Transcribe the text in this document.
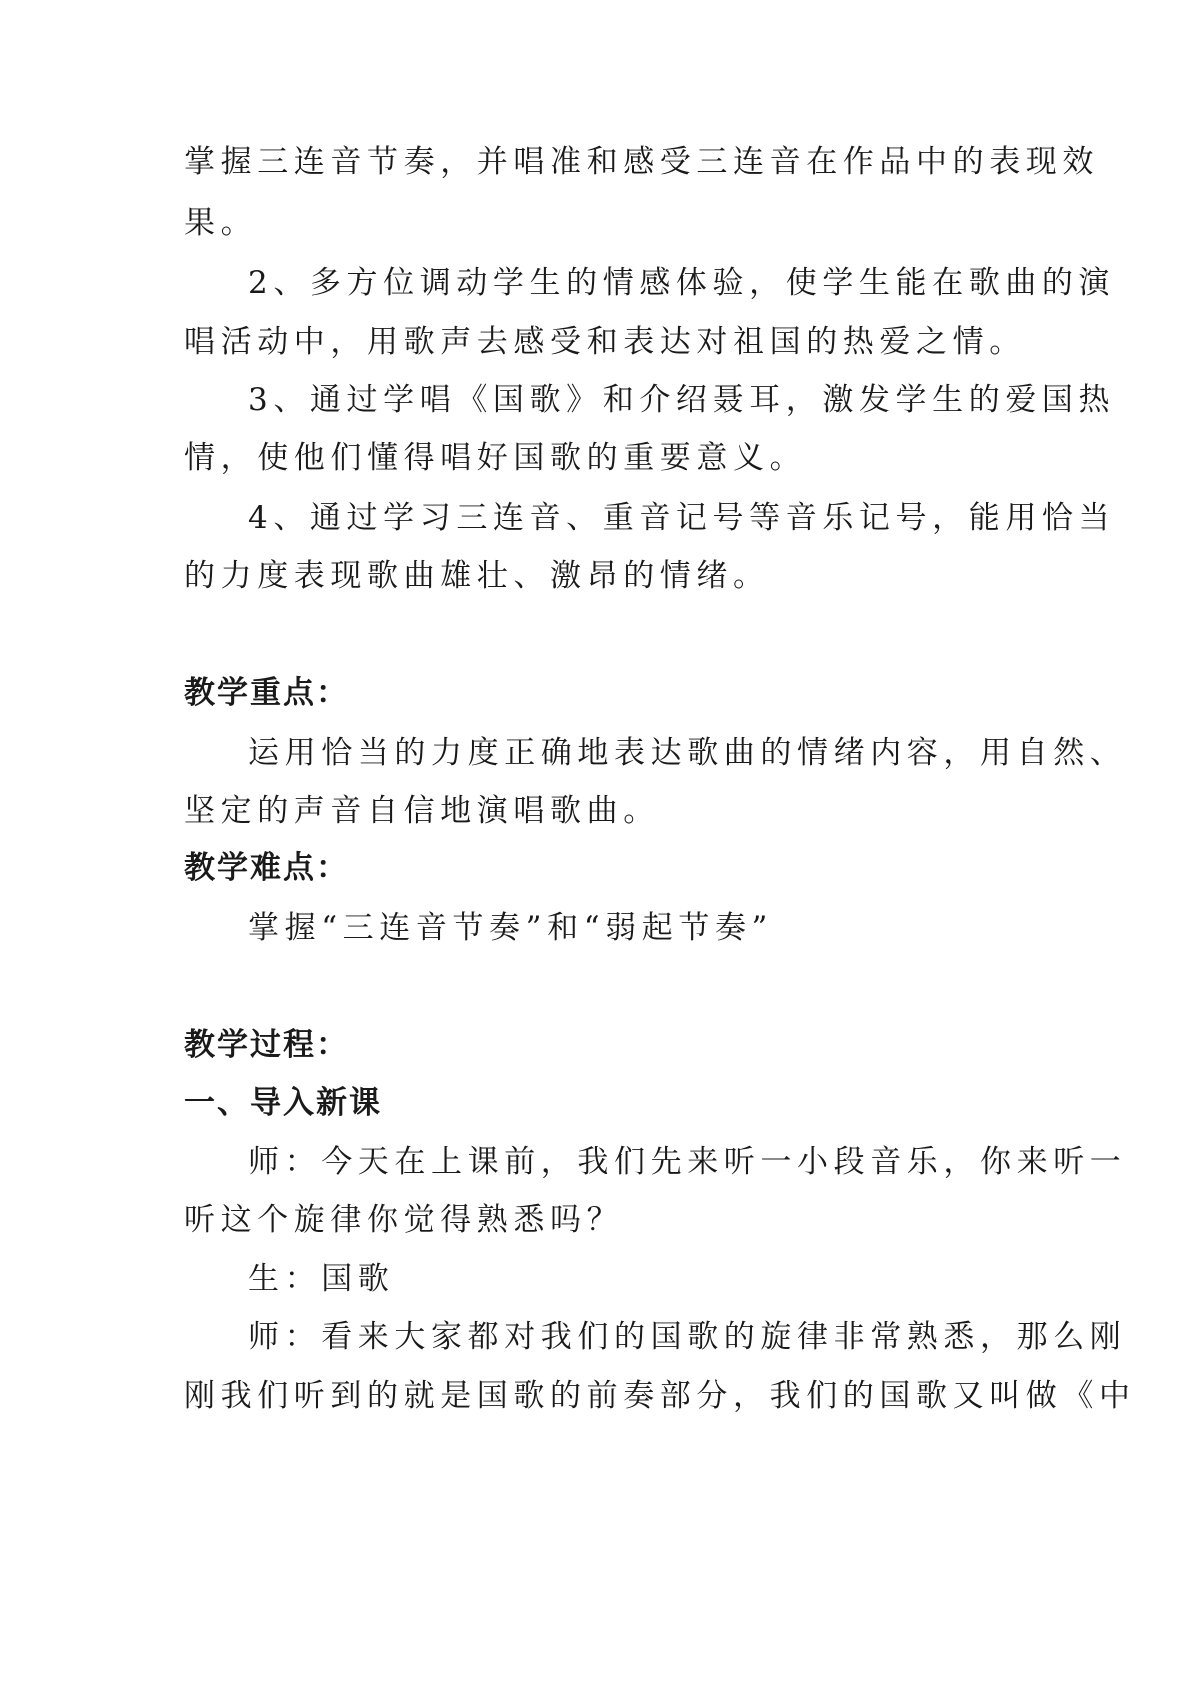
掌握三连音节奏，并唱准和感受三连音在作品中的表现效
果。
2、多方位调动学生的情感体验，使学生能在歌曲的演
唱活动中，用歌声去感受和表达对祖国的热爱之情。
3、通过学唱《国歌》和介绍聂耳，激发学生的爱国热
情，使他们懂得唱好国歌的重要意义。
4、通过学习三连音、重音记号等音乐记号，能用恰当
的力度表现歌曲雄壮、激昂的情绪。
教学重点：
运用恰当的力度正确地表达歌曲的情绪内容，用自然、
坚定的声音自信地演唱歌曲。
教学难点：
掌握“三连音节奏”和“弱起节奏”
教学过程：
一、导入新课
师：今天在上课前，我们先来听一小段音乐，你来听一
听这个旋律你觉得熟悉吗？
生：国歌
师：看来大家都对我们的国歌的旋律非常熟悉，那么刚
刚我们听到的就是国歌的前奏部分，我们的国歌又叫做《中
